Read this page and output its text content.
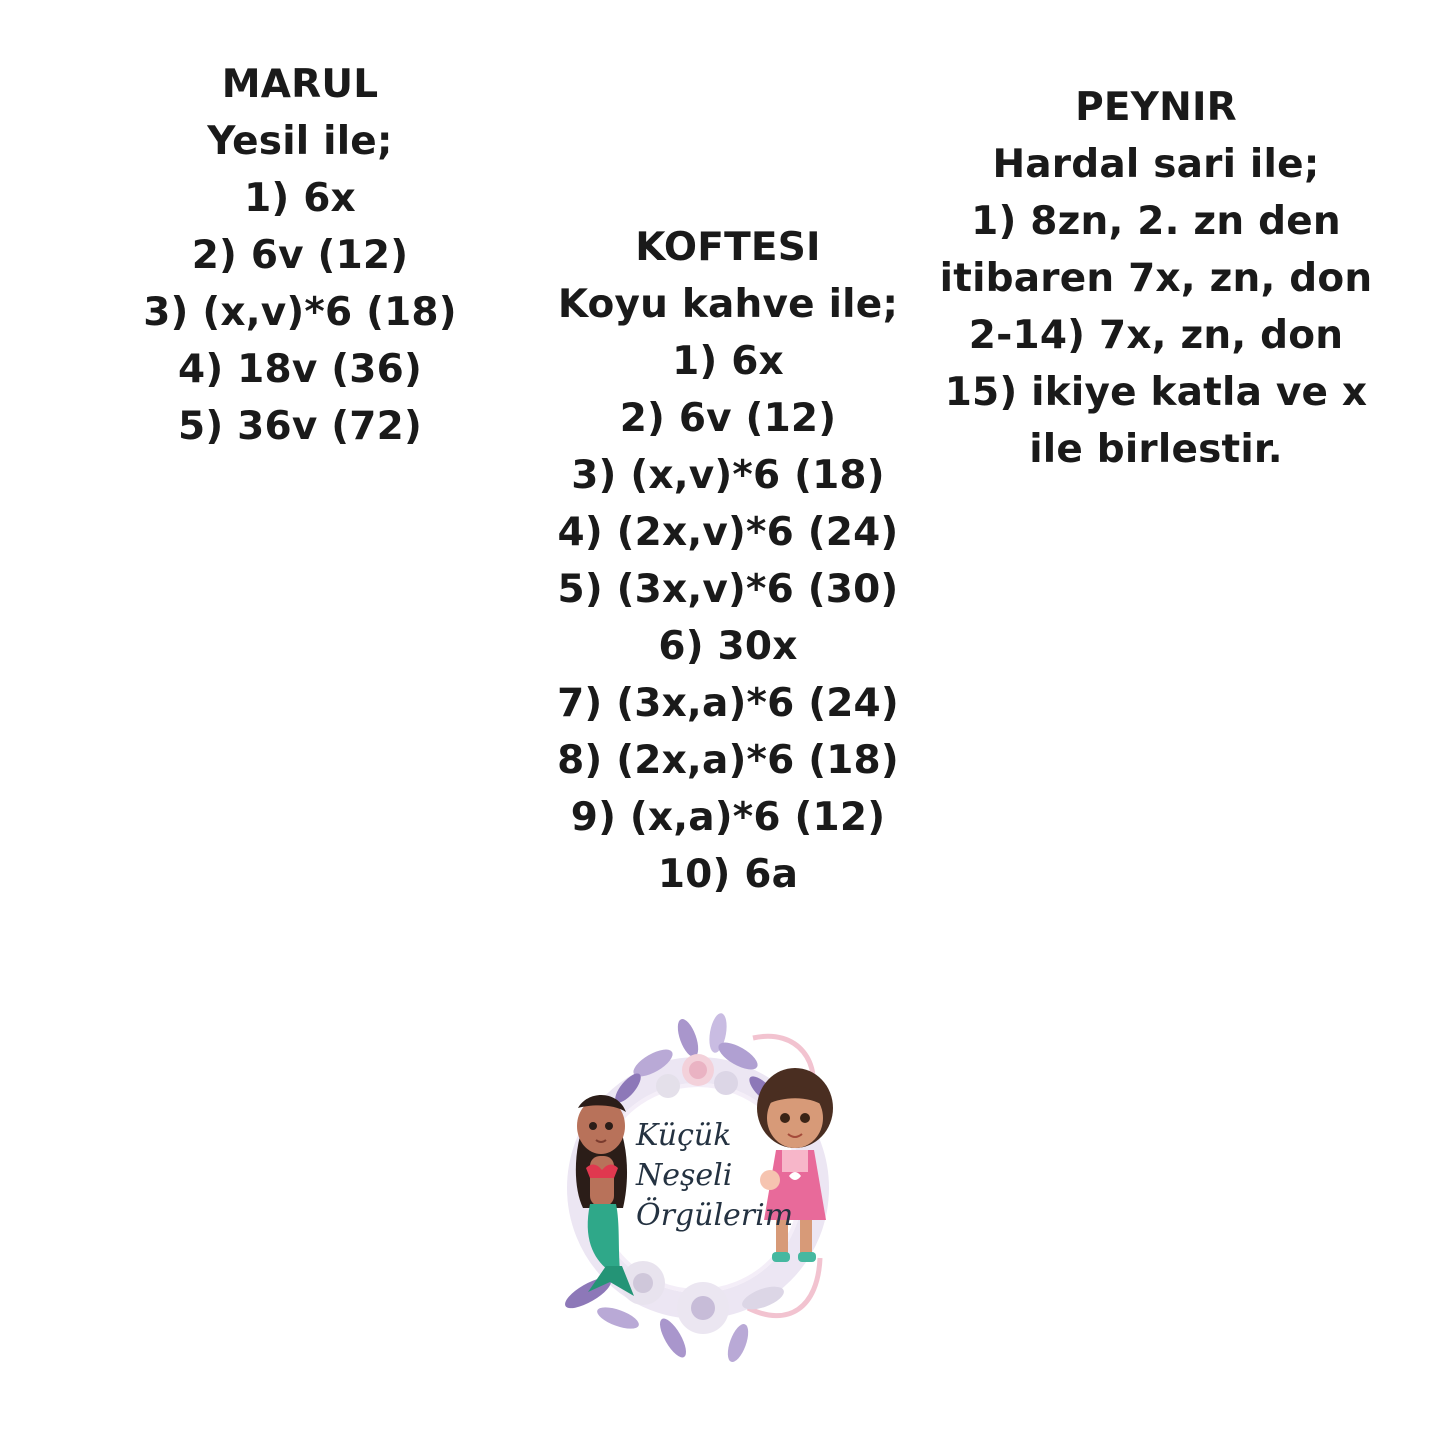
MARUL
Yesil ile;
1) 6x
2) 6v (12)
3) (x,v)*6 (18)
4) 18v (36)
5) 36v (72)
KOFTESI
Koyu kahve ile;
1) 6x
2) 6v (12)
3) (x,v)*6 (18)
4) (2x,v)*6 (24)
5) (3x,v)*6 (30)
6) 30x
7) (3x,a)*6 (24)
8) (2x,a)*6 (18)
9) (x,a)*6 (12)
10) 6a
PEYNIR
Hardal sari ile;
1) 8zn, 2. zn den
itibaren 7x, zn, don
2-14) 7x, zn, don
15) ikiye katla ve x
ile birlestir.
Küçük
Neşeli
Örgülerim
